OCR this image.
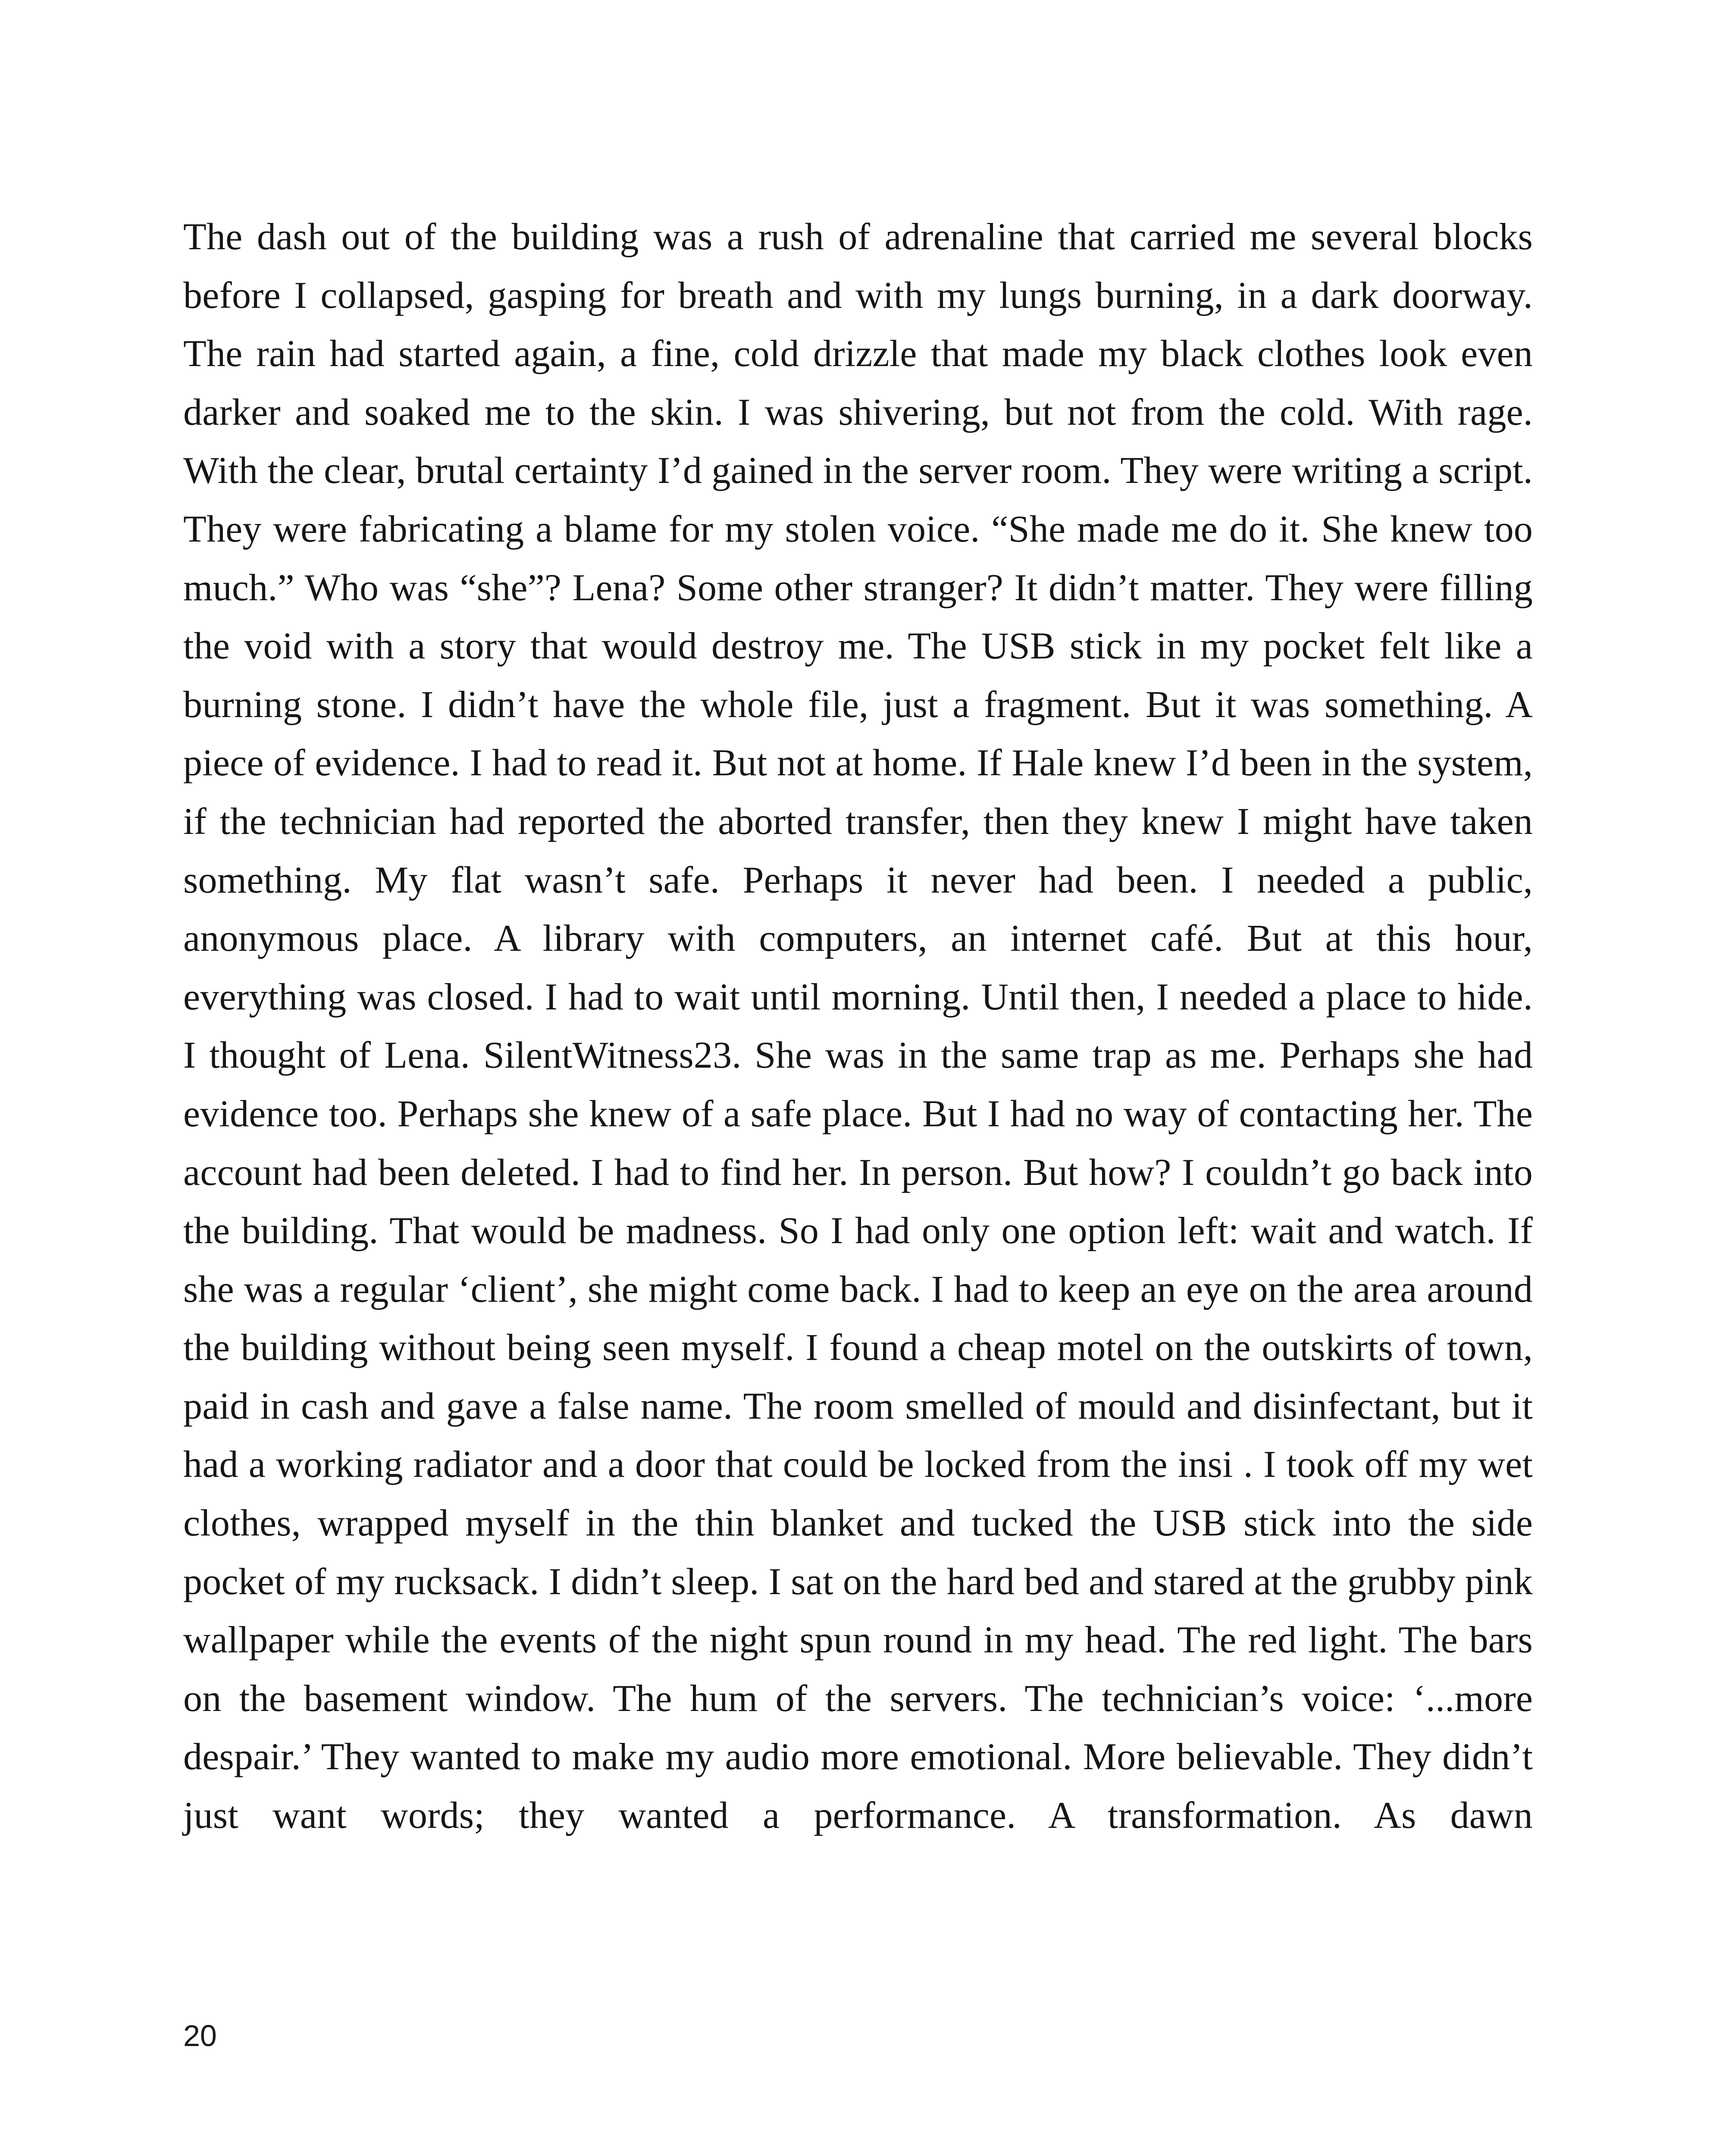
The dash out of the building was a rush of adrenaline that carried me several blocks before I collapsed, gasping for breath and with my lungs burning, in a dark doorway. The rain had started again, a fine, cold drizzle that made my black clothes look even darker and soaked me to the skin. I was shivering, but not from the cold. With rage. With the clear, brutal certainty I’d gained in the server room. They were writing a script. They were fabricating a blame for my stolen voice. “She made me do it. She knew too much.” Who was “she”? Lena? Some other stranger? It didn’t matter. They were filling the void with a story that would destroy me. The USB stick in my pocket felt like a burning stone. I didn’t have the whole file, just a fragment. But it was something. A piece of evidence. I had to read it. But not at home. If Hale knew I’d been in the system, if the technician had reported the aborted transfer, then they knew I might have taken something. My flat wasn’t safe. Perhaps it never had been. I needed a public, anonymous place. A library with computers, an internet café. But at this hour, everything was closed. I had to wait until morning. Until then, I needed a place to hide. I thought of Lena. SilentWitness23. She was in the same trap as me. Perhaps she had evidence too. Perhaps she knew of a safe place. But I had no way of contacting her. The account had been deleted. I had to find her. In person. But how? I couldn’t go back into the building. That would be madness. So I had only one option left: wait and watch. If she was a regular ‘client’, she might come back. I had to keep an eye on the area around the building without being seen myself. I found a cheap motel on the outskirts of town, paid in cash and gave a false name. The room smelled of mould and disinfectant, but it had a working radiator and a door that could be locked from the insi . I took off my wet clothes, wrapped myself in the thin blanket and tucked the USB stick into the side pocket of my rucksack. I didn’t sleep. I sat on the hard bed and stared at the grubby pink wallpaper while the events of the night spun round in my head. The red light. The bars on the basement window. The hum of the servers. The technician’s voice: ‘...more despair.’ They wanted to make my audio more emotional. More believable. They didn’t just want words; they wanted a performance. A transformation. As dawn

20
